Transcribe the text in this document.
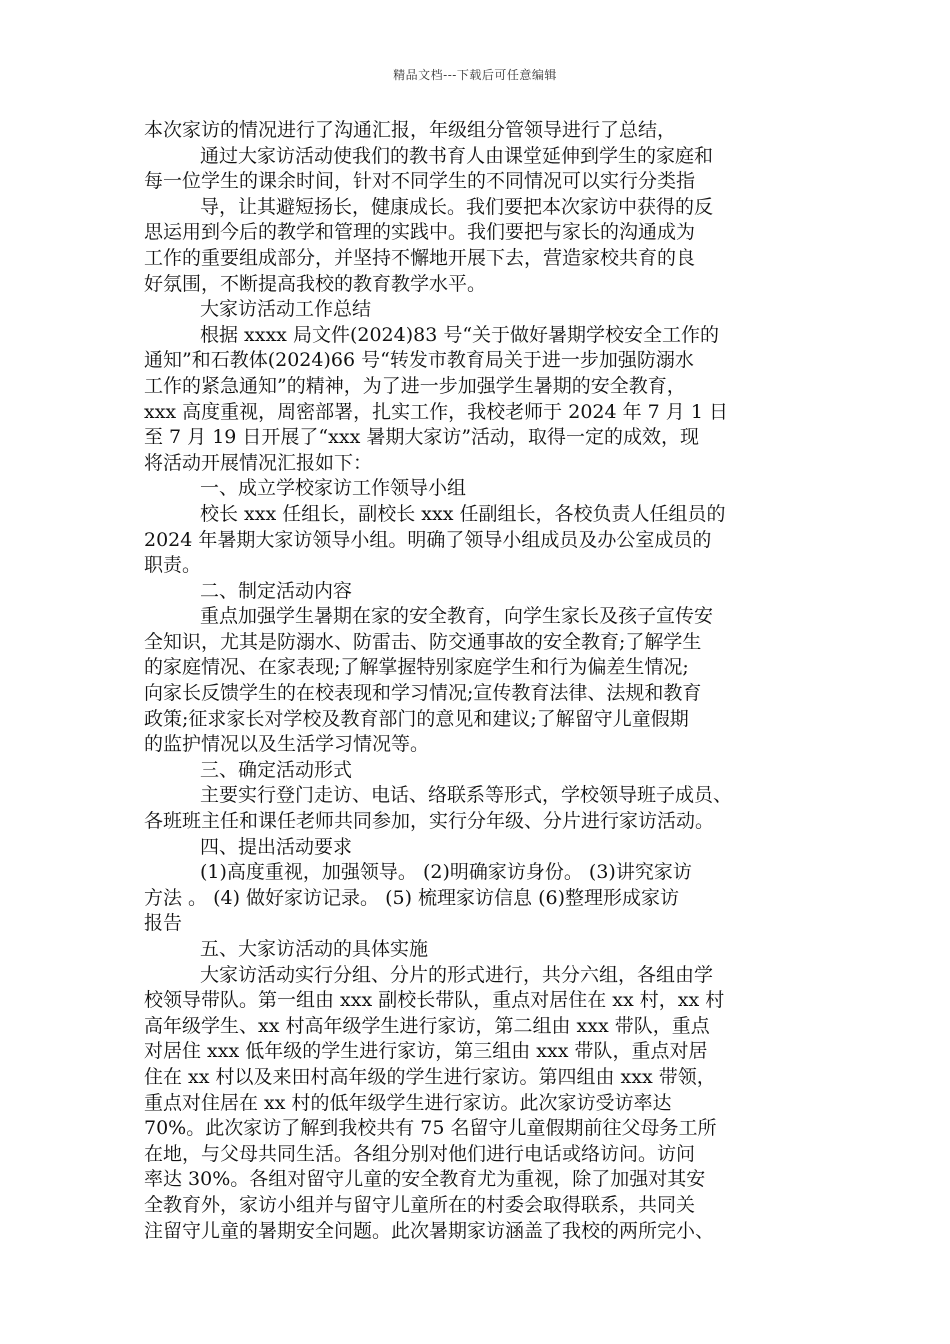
精品文档---下载后可任意编辑
本次家访的情况进行了沟通汇报，年级组分管领导进行了总结，
通过大家访活动使我们的教书育人由课堂延伸到学生的家庭和
每一位学生的课余时间，针对不同学生的不同情况可以实行分类指
导，让其避短扬长，健康成长。我们要把本次家访中获得的反
思运用到今后的教学和管理的实践中。我们要把与家长的沟通成为
工作的重要组成部分，并坚持不懈地开展下去，营造家校共育的良
好氛围，不断提高我校的教育教学水平。
大家访活动工作总结
根据 xxxx 局文件(2024)83 号“关于做好暑期学校安全工作的
通知”和石教体(2024)66 号“转发市教育局关于进一步加强防溺水
工作的紧急通知”的精神，为了进一步加强学生暑期的安全教育，
xxx 高度重视，周密部署，扎实工作，我校老师于 2024 年 7 月 1 日
至 7 月 19 日开展了“xxx 暑期大家访”活动，取得一定的成效，现
将活动开展情况汇报如下：
一、成立学校家访工作领导小组
校长 xxx 任组长，副校长 xxx 任副组长，各校负责人任组员的
2024 年暑期大家访领导小组。明确了领导小组成员及办公室成员的
职责。
二、制定活动内容
重点加强学生暑期在家的安全教育，向学生家长及孩子宣传安
全知识，尤其是防溺水、防雷击、防交通事故的安全教育;了解学生
的家庭情况、在家表现;了解掌握特别家庭学生和行为偏差生情况;
向家长反馈学生的在校表现和学习情况;宣传教育法律、法规和教育
政策;征求家长对学校及教育部门的意见和建议;了解留守儿童假期
的监护情况以及生活学习情况等。
三、确定活动形式
主要实行登门走访、电话、络联系等形式，学校领导班子成员、
各班班主任和课任老师共同参加，实行分年级、分片进行家访活动。
四、提出活动要求
(1)高度重视，加强领导。 (2)明确家访身份。 (3)讲究家访
方法 。 (4) 做好家访记录。 (5) 梳理家访信息 (6)整理形成家访
报告
五、大家访活动的具体实施
大家访活动实行分组、分片的形式进行，共分六组，各组由学
校领导带队。第一组由 xxx 副校长带队，重点对居住在 xx 村，xx 村
高年级学生、xx 村高年级学生进行家访，第二组由 xxx 带队，重点
对居住 xxx 低年级的学生进行家访，第三组由 xxx 带队，重点对居
住在 xx 村以及来田村高年级的学生进行家访。第四组由 xxx 带领，
重点对住居在 xx 村的低年级学生进行家访。此次家访受访率达
70%。此次家访了解到我校共有 75 名留守儿童假期前往父母务工所
在地，与父母共同生活。各组分别对他们进行电话或络访问。访问
率达 30%。各组对留守儿童的安全教育尤为重视，除了加强对其安
全教育外，家访小组并与留守儿童所在的村委会取得联系，共同关
注留守儿童的暑期安全问题。此次暑期家访涵盖了我校的两所完小、
